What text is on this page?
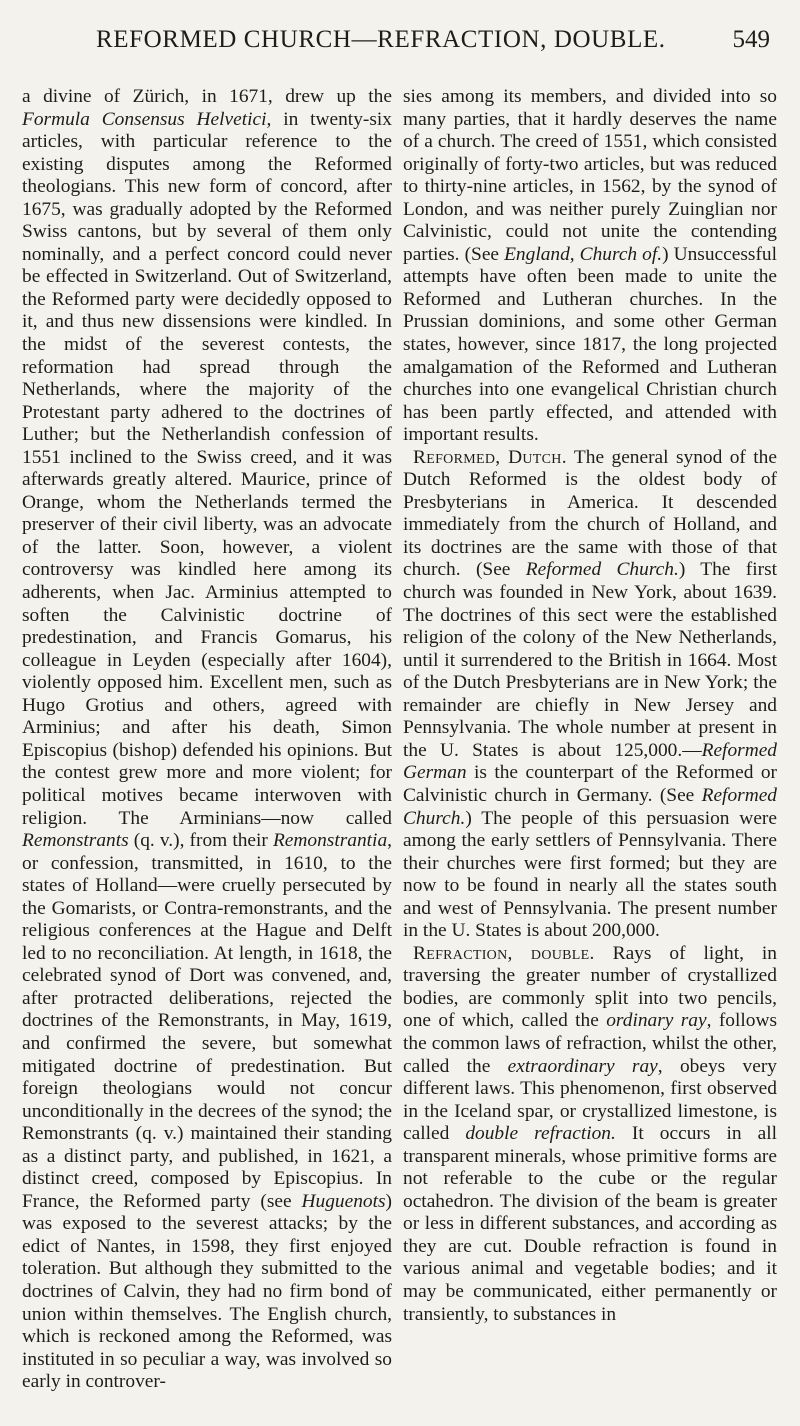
REFORMED CHURCH—REFRACTION, DOUBLE.	549

a divine of Zürich, in 1671, drew up the Formula Consensus Helvetici, in twenty-six articles, with particular reference to the existing disputes among the Reformed theologians. This new form of concord, after 1675, was gradually adopted by the Reformed Swiss cantons, but by several of them only nominally, and a perfect concord could never be effected in Switzerland. Out of Switzerland, the Reformed party were decidedly opposed to it, and thus new dissensions were kindled. In the midst of the severest contests, the reformation had spread through the Netherlands, where the majority of the Protestant party adhered to the doctrines of Luther; but the Netherlandish confession of 1551 inclined to the Swiss creed, and it was afterwards greatly altered. Maurice, prince of Orange, whom the Netherlands termed the preserver of their civil liberty, was an advocate of the latter. Soon, however, a violent controversy was kindled here among its adherents, when Jac. Arminius attempted to soften the Calvinistic doctrine of predestination, and Francis Gomarus, his colleague in Leyden (especially after 1604), violently opposed him. Excellent men, such as Hugo Grotius and others, agreed with Arminius; and after his death, Simon Episcopius (bishop) defended his opinions. But the contest grew more and more violent; for political motives became interwoven with religion. The Arminians—now called Remonstrants (q. v.), from their Remonstrantia, or confession, transmitted, in 1610, to the states of Holland—were cruelly persecuted by the Gomarists, or Contra-remonstrants, and the religious conferences at the Hague and Delft led to no reconciliation. At length, in 1618, the celebrated synod of Dort was convened, and, after protracted deliberations, rejected the doctrines of the Remonstrants, in May, 1619, and confirmed the severe, but somewhat mitigated doctrine of predestination. But foreign theologians would not concur unconditionally in the decrees of the synod; the Remonstrants (q. v.) maintained their standing as a distinct party, and published, in 1621, a distinct creed, composed by Episcopius. In France, the Reformed party (see Huguenots) was exposed to the severest attacks; by the edict of Nantes, in 1598, they first enjoyed toleration. But although they submitted to the doctrines of Calvin, they had no firm bond of union within themselves. The English church, which is reckoned among the Reformed, was instituted in so peculiar a way, was involved so early in controver-

sies among its members, and divided into so many parties, that it hardly deserves the name of a church. The creed of 1551, which consisted originally of forty-two articles, but was reduced to thirty-nine articles, in 1562, by the synod of London, and was neither purely Zuinglian nor Calvinistic, could not unite the contending parties. (See England, Church of.) Unsuccessful attempts have often been made to unite the Reformed and Lutheran churches. In the Prussian dominions, and some other German states, however, since 1817, the long projected amalgamation of the Reformed and Lutheran churches into one evangelical Christian church has been partly effected, and attended with important results.

Reformed, Dutch. The general synod of the Dutch Reformed is the oldest body of Presbyterians in America. It descended immediately from the church of Holland, and its doctrines are the same with those of that church. (See Reformed Church.) The first church was founded in New York, about 1639. The doctrines of this sect were the established religion of the colony of the New Netherlands, until it surrendered to the British in 1664. Most of the Dutch Presbyterians are in New York; the remainder are chiefly in New Jersey and Pennsylvania. The whole number at present in the U. States is about 125,000.—Reformed German is the counterpart of the Reformed or Calvinistic church in Germany. (See Reformed Church.) The people of this persuasion were among the early settlers of Pennsylvania. There their churches were first formed; but they are now to be found in nearly all the states south and west of Pennsylvania. The present number in the U. States is about 200,000.

Refraction, double. Rays of light, in traversing the greater number of crystallized bodies, are commonly split into two pencils, one of which, called the ordinary ray, follows the common laws of refraction, whilst the other, called the extraordinary ray, obeys very different laws. This phenomenon, first observed in the Iceland spar, or crystallized limestone, is called double refraction. It occurs in all transparent minerals, whose primitive forms are not referable to the cube or the regular octahedron. The division of the beam is greater or less in different substances, and according as they are cut. Double refraction is found in various animal and vegetable bodies; and it may be communicated, either permanently or transiently, to substances in
